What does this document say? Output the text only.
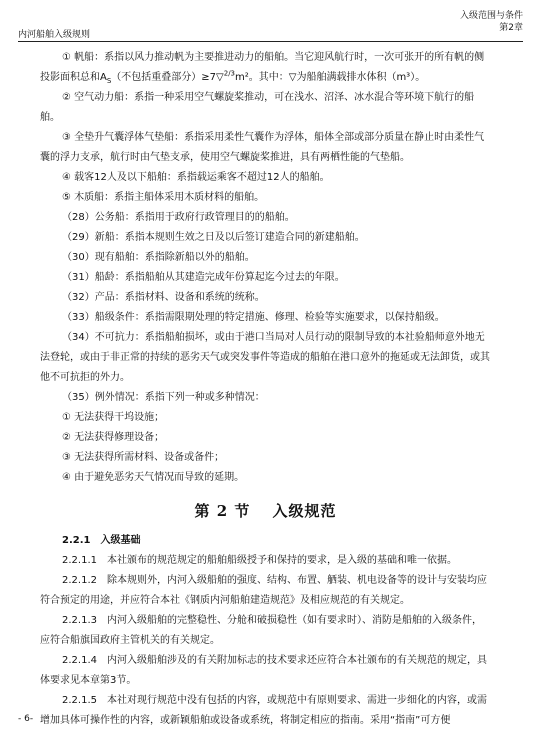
内河船舶入级规则
入级范围与条件
第2章
① 帆船：系指以风力推动帆为主要推进动力的船舶。当它迎风航行时，一次可张开的所有帆的侧投影面积总和$A_S$（不包括重叠部分）≥7▽$^{2/3}$m²。其中：▽为船舶满载排水体积（m³）。
② 空气动力船：系指一种采用空气螺旋桨推动，可在浅水、沼泽、冰水混合等环境下航行的船舶。
③ 全垫升气囊浮体气垫船：系指采用柔性气囊作为浮体，船体全部或部分质量在静止时由柔性气囊的浮力支承，航行时由气垫支承，使用空气螺旋桨推进，具有两栖性能的气垫船。
④ 载客12人及以下船舶：系指载运乘客不超过12人的船舶。
⑤ 木质船：系指主船体采用木质材料的船舶。
（28）公务船：系指用于政府行政管理目的的船舶。
（29）新船：系指本规则生效之日及以后签订建造合同的新建船舶。
（30）现有船舶：系指除新船以外的船舶。
（31）船龄：系指船舶从其建造完成年份算起迄今过去的年限。
（32）产品：系指材料、设备和系统的统称。
（33）船级条件：系指需限期处理的特定措施、修理、检验等实施要求，以保持船级。
（34）不可抗力：系指船舶损坏，或由于港口当局对人员行动的限制导致的本社验船师意外地无法登轮，或由于非正常的持续的恶劣天气或突发事件等造成的船舶在港口意外的拖延或无法卸货，或其他不可抗拒的外力。
（35）例外情况：系指下列一种或多种情况：
① 无法获得干坞设施；
② 无法获得修理设备；
③ 无法获得所需材料、设备或备件；
④ 由于避免恶劣天气情况而导致的延期。
第 2 节 入级规范
2.2.1　入级基础
2.2.1.1　本社颁布的规范规定的船舶船级授予和保持的要求，是入级的基础和唯一依据。
2.2.1.2　除本规则外，内河入级船舶的强度、结构、布置、舾装、机电设备等的设计与安装均应符合预定的用途，并应符合本社《钢质内河船舶建造规范》及相应规范的有关规定。
2.2.1.3　内河入级船舶的完整稳性、分舱和破损稳性（如有要求时）、消防是船舶的入级条件，应符合船旗国政府主管机关的有关规定。
2.2.1.4　内河入级船舶涉及的有关附加标志的技术要求还应符合本社颁布的有关规范的规定，具体要求见本章第3节。
2.2.1.5　本社对现行规范中没有包括的内容，或规范中有原则要求、需进一步细化的内容，或需增加具体可操作性的内容，或新颖船舶或设备或系统，将制定相应的指南。采用“指南”可方便
- 6-
